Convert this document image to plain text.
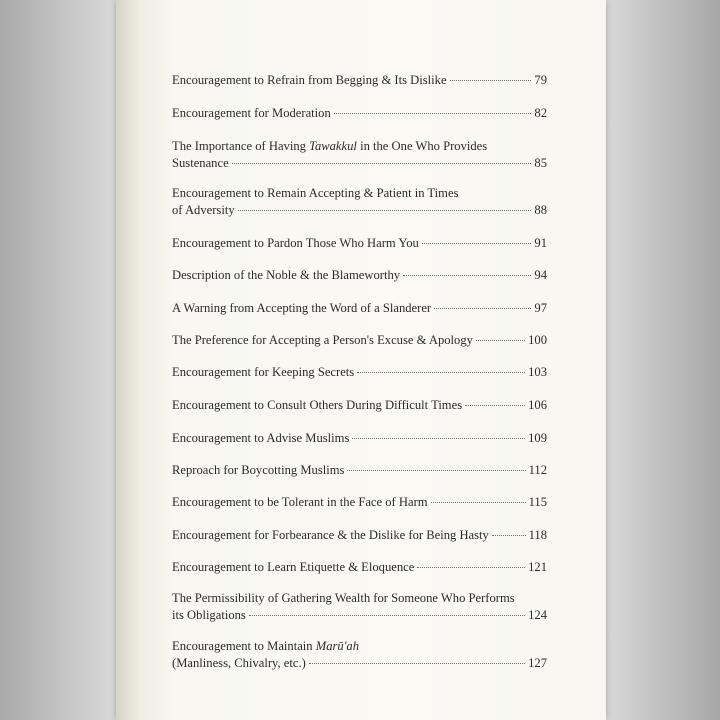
Encouragement to Refrain from Begging & Its Dislike	79
Encouragement for Moderation	82
The Importance of Having Tawakkul in the One Who Provides
Sustenance	85
Encouragement to Remain Accepting & Patient in Times
of Adversity	88
Encouragement to Pardon Those Who Harm You	91
Description of the Noble & the Blameworthy	94
A Warning from Accepting the Word of a Slanderer	97
The Preference for Accepting a Person's Excuse & Apology	100
Encouragement for Keeping Secrets	103
Encouragement to Consult Others During Difficult Times	106
Encouragement to Advise Muslims	109
Reproach for Boycotting Muslims	112
Encouragement to be Tolerant in the Face of Harm	115
Encouragement for Forbearance & the Dislike for Being Hasty	118
Encouragement to Learn Etiquette & Eloquence	121
The Permissibility of Gathering Wealth for Someone Who Performs
its Obligations	124
Encouragement to Maintain Marū'ah
(Manliness, Chivalry, etc.)	127
